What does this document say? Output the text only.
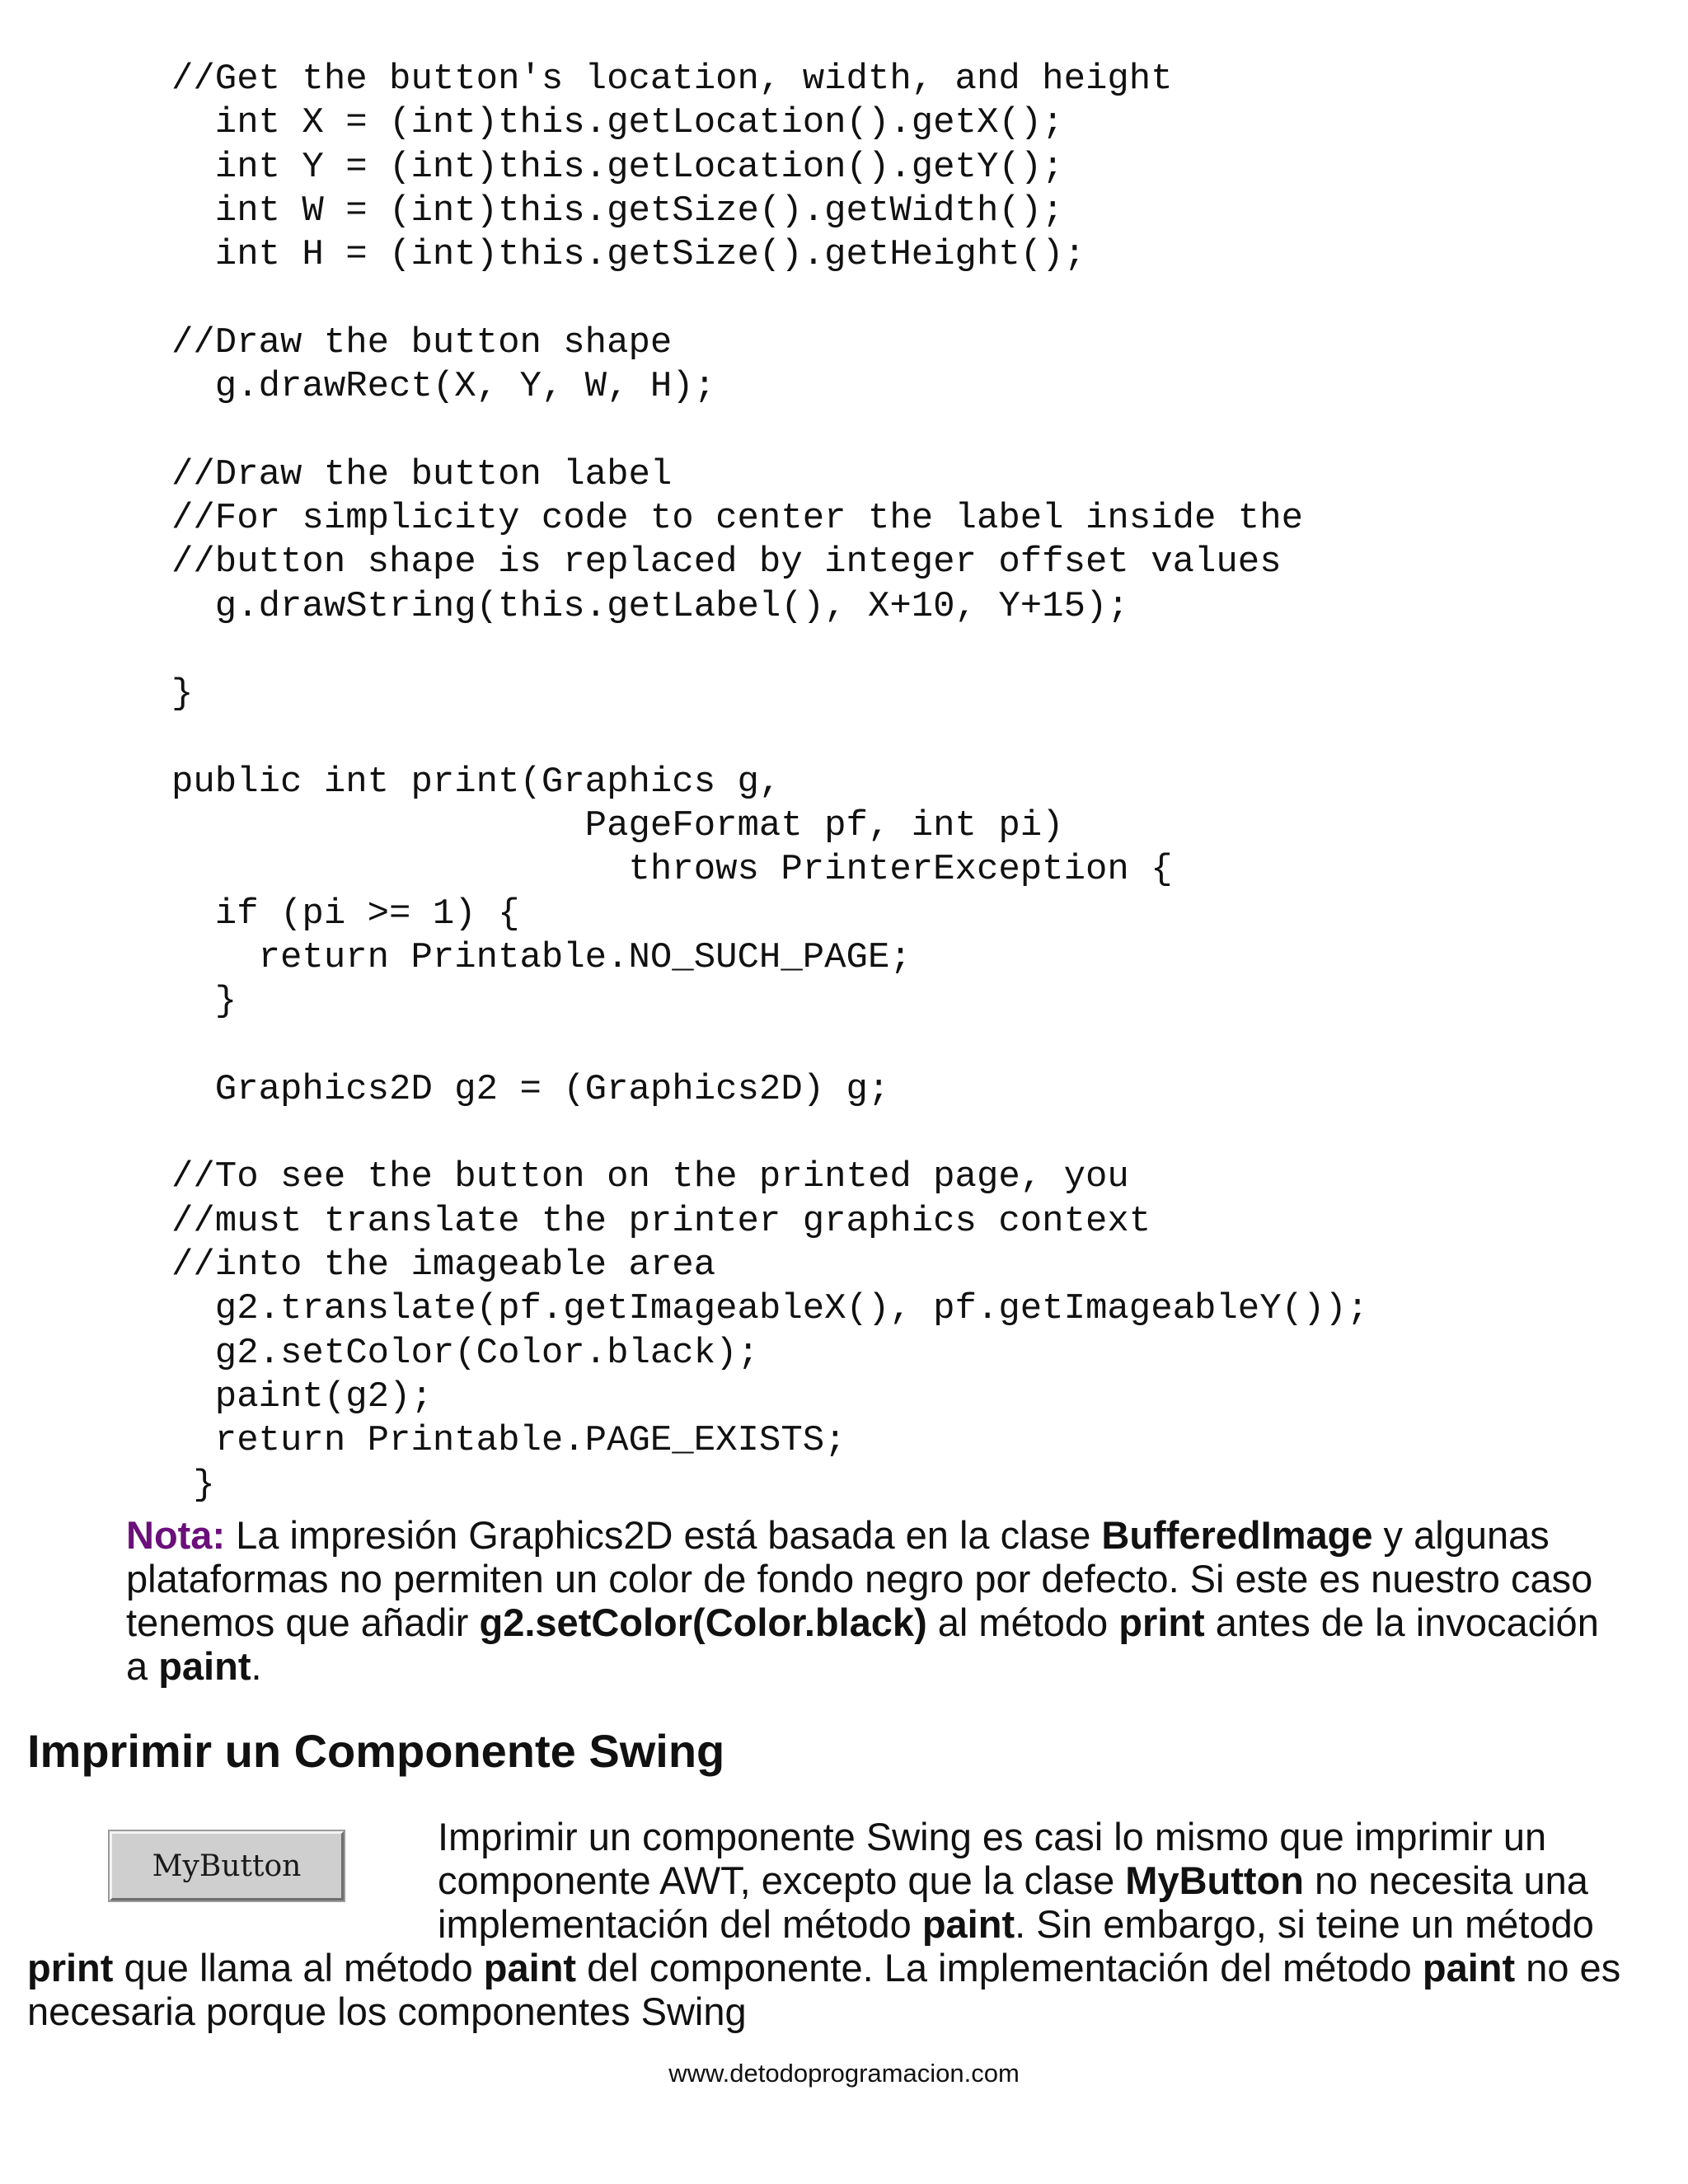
//Get the button's location, width, and height
int X = (int)this.getLocation().getX();
int Y = (int)this.getLocation().getY();
int W = (int)this.getSize().getWidth();
int H = (int)this.getSize().getHeight();
//Draw the button shape
g.drawRect(X, Y, W, H);
//Draw the button label
//For simplicity code to center the label inside the
//button shape is replaced by integer offset values
g.drawString(this.getLabel(), X+10, Y+15);
}
public int print(Graphics g,
PageFormat pf, int pi)
throws PrinterException {
if (pi >= 1) {
return Printable.NO_SUCH_PAGE;
}
Graphics2D g2 = (Graphics2D) g;
//To see the button on the printed page, you
//must translate the printer graphics context
//into the imageable area
g2.translate(pf.getImageableX(), pf.getImageableY());
g2.setColor(Color.black);
paint(g2);
return Printable.PAGE_EXISTS;
}
Nota: La impresión Graphics2D está basada en la clase BufferedImage y algunas plataformas no permiten un color de fondo negro por defecto. Si este es nuestro caso tenemos que añadir g2.setColor(Color.black) al método print antes de la invocación a paint.
Imprimir un Componente Swing
MyButton

Imprimir un componente Swing es casi lo mismo que imprimir un componente AWT, excepto que la clase MyButton no necesita una implementación del método paint. Sin embargo, si teine un método print que llama al método paint del componente. La implementación del método paint no es necesaria porque los componentes Swing

www.detodoprogramacion.com
